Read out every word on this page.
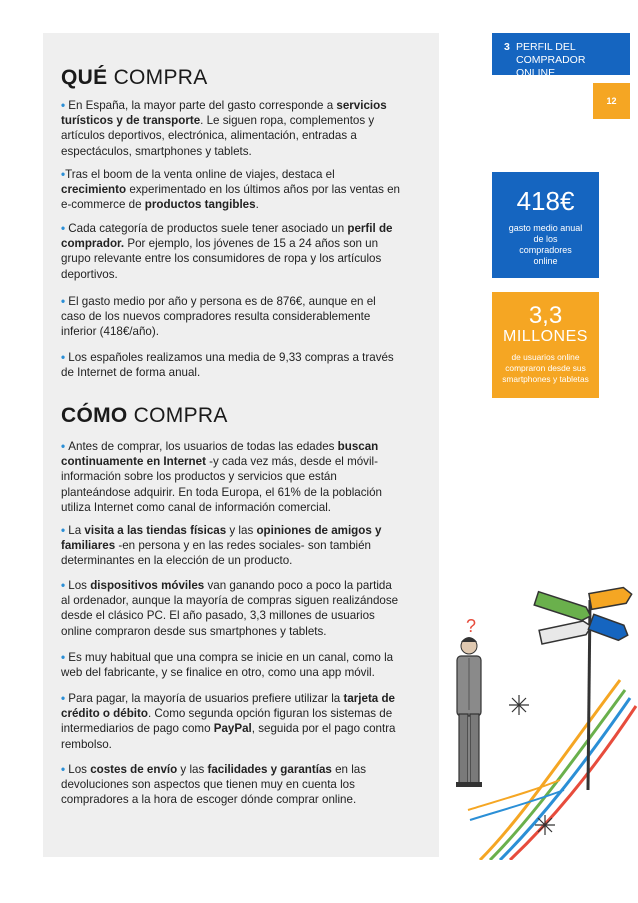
QUÉ COMPRA
• En España, la mayor parte del gasto corresponde a servicios turísticos y de transporte. Le siguen ropa, complementos y artículos deportivos, electrónica, alimentación, entradas a espectáculos, smartphones y tablets.
•Tras el boom de la venta online de viajes, destaca el crecimiento experimentado en los últimos años por las ventas en e-commerce de productos tangibles.
• Cada categoría de productos suele tener asociado un perfil de comprador. Por ejemplo, los jóvenes de 15 a 24 años son un grupo relevante entre los consumidores de ropa y los artículos deportivos.
• El gasto medio por año y persona es de 876€, aunque en el caso de los nuevos compradores resulta considerablemente inferior (418€/año).
• Los españoles realizamos una media de 9,33 compras a través de Internet de forma anual.
CÓMO COMPRA
• Antes de comprar, los usuarios de todas las edades buscan continuamente en Internet -y cada vez más, desde el móvil- información sobre los productos y servicios que están planteándose adquirir. En toda Europa, el 61% de la población utiliza Internet como canal de información comercial.
• La visita a las tiendas físicas y las opiniones de amigos y familiares -en persona y en las redes sociales- son también determinantes en la elección de un producto.
• Los dispositivos móviles van ganando poco a poco la partida al ordenador, aunque la mayoría de compras siguen realizándose desde el clásico PC. El año pasado, 3,3 millones de usuarios online compraron desde sus smartphones y tablets.
• Es muy habitual que una compra se inicie en un canal, como la web del fabricante, y se finalice en otro, como una app móvil.
• Para pagar, la mayoría de usuarios prefiere utilizar la tarjeta de crédito o débito. Como segunda opción figuran los sistemas de intermediarios de pago como PayPal, seguida por el pago contra rembolso.
• Los costes de envío y las facilidades y garantías en las devoluciones son aspectos que tienen muy en cuenta los compradores a la hora de escoger dónde comprar online.
3 PERFIL DEL COMPRADOR ONLINE
12
418€
gasto medio anual de los compradores online
3,3
MILLONES
de usuarios online compraron desde sus smartphones y tabletas
?
